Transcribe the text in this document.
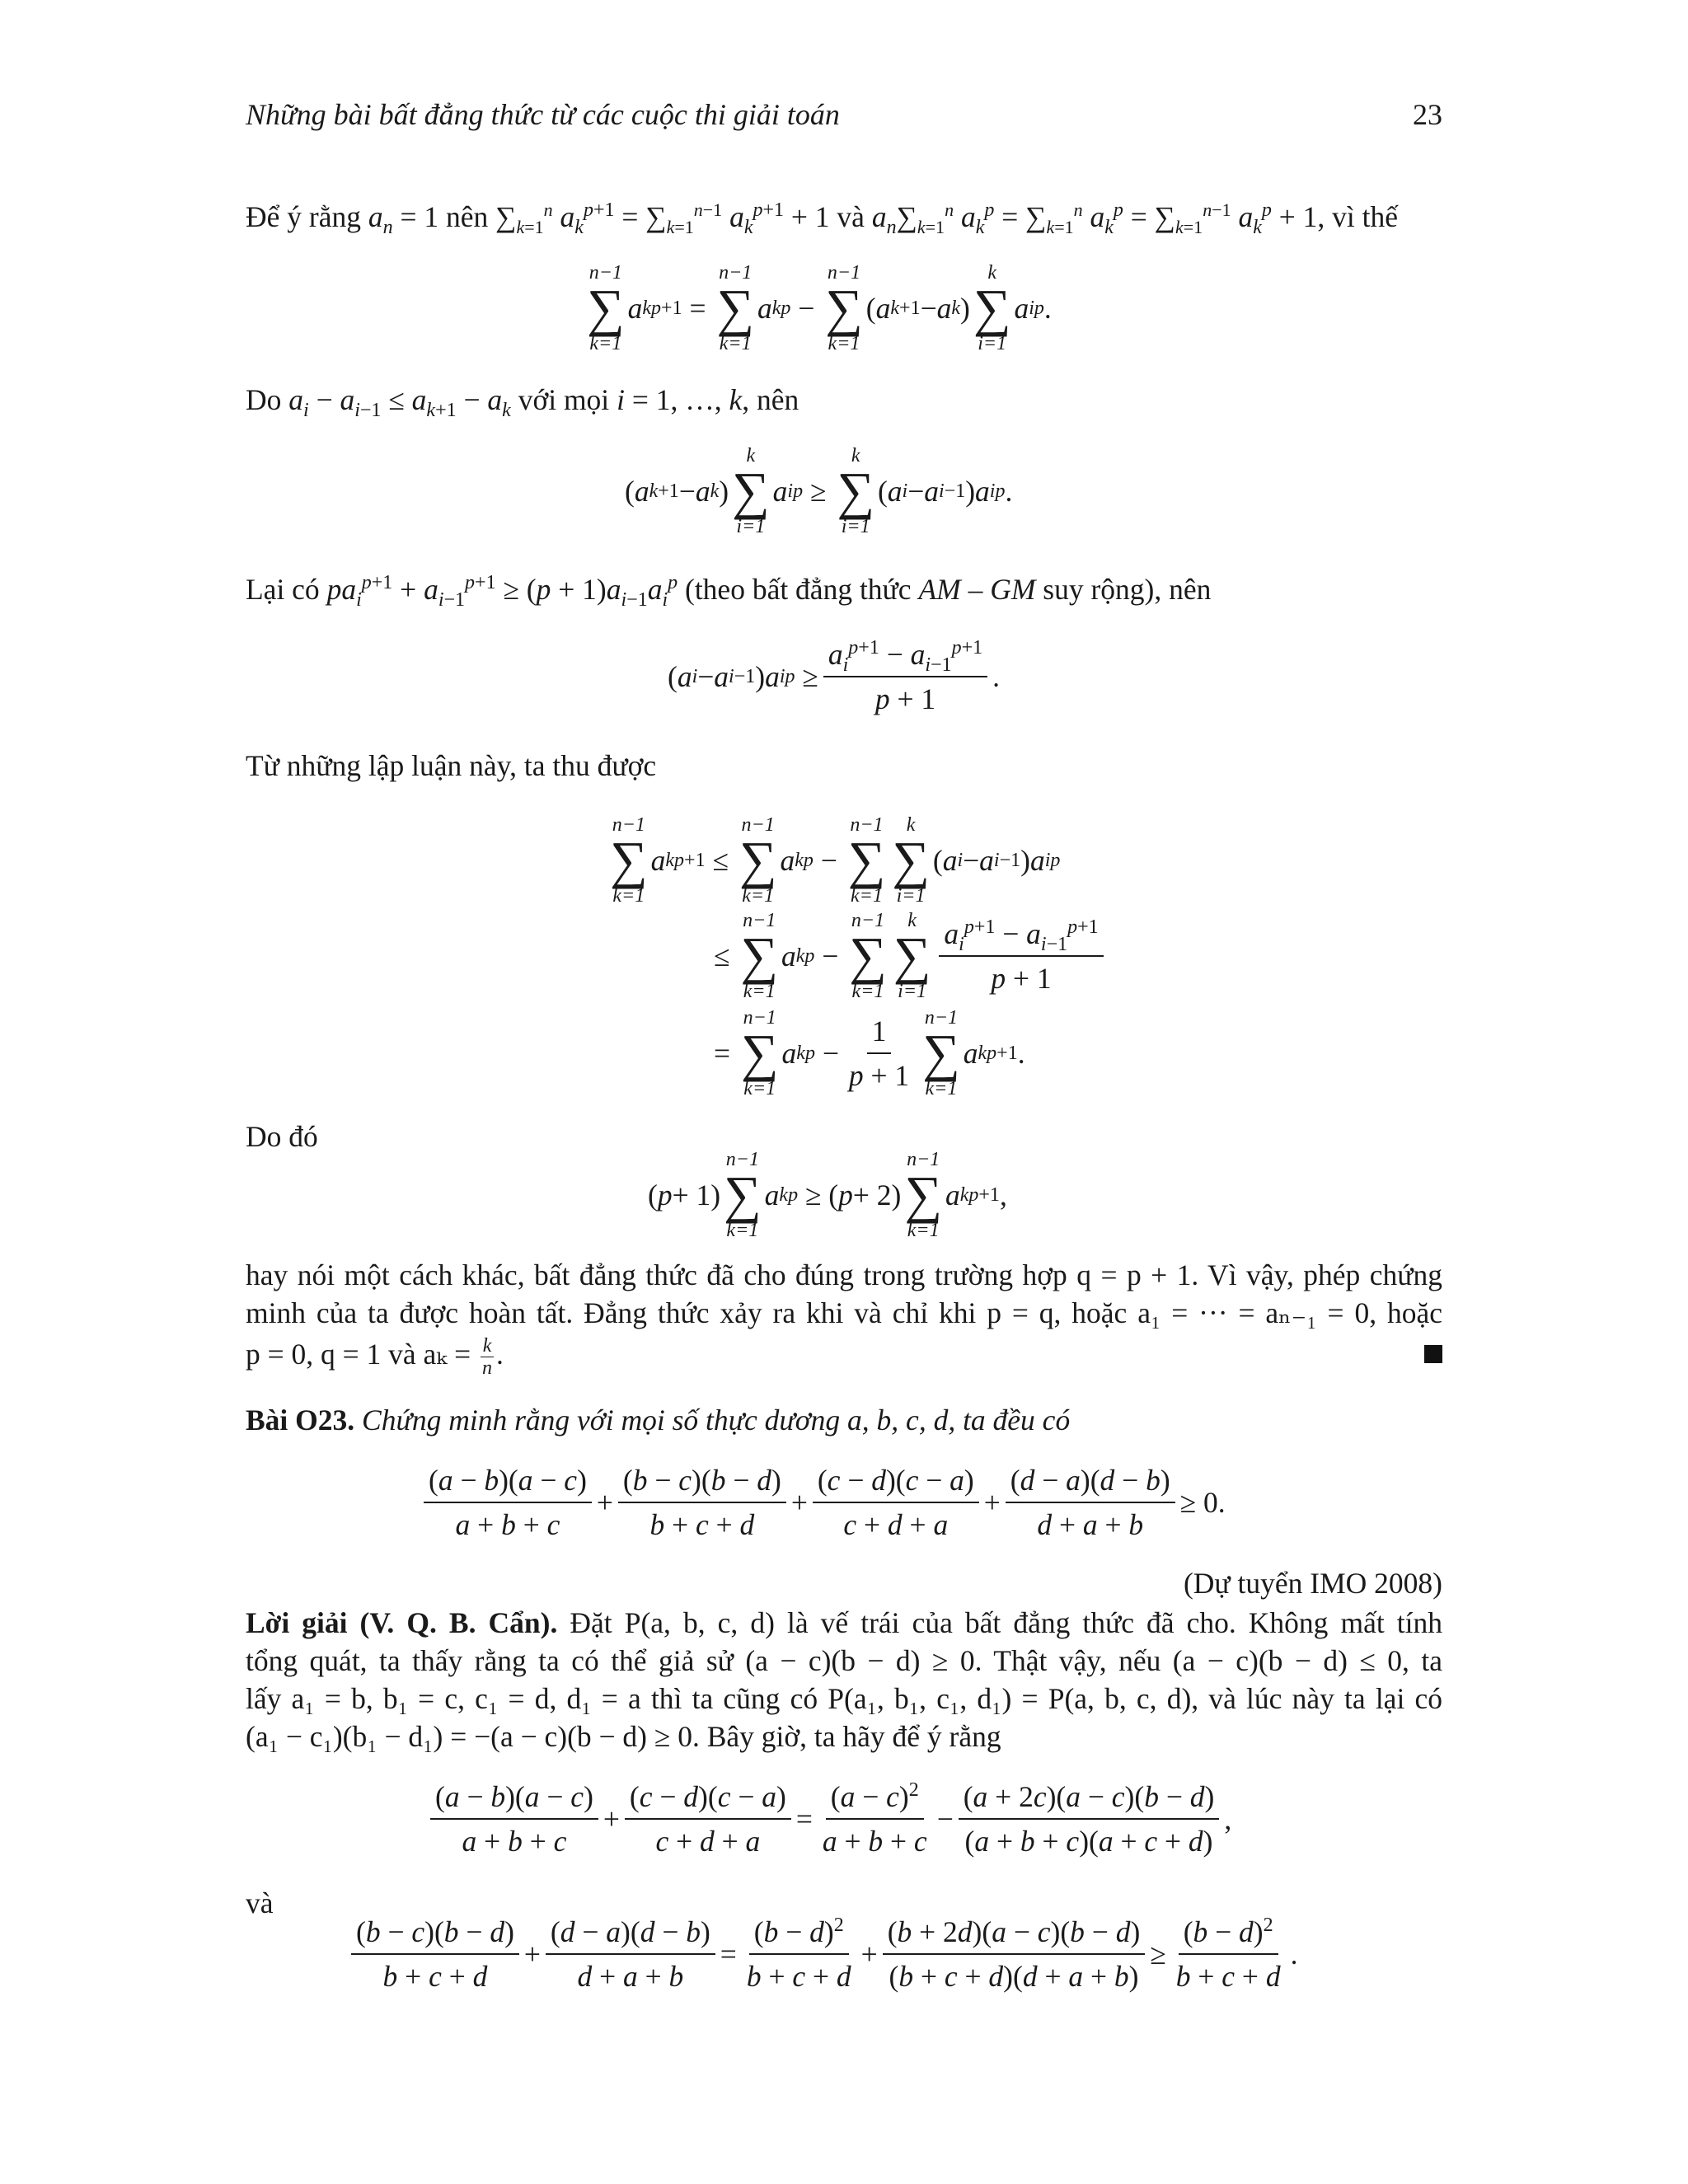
Những bài bất đẳng thức từ các cuộc thi giải toán	23
Để ý rằng $a_n = 1$ nên $\sum_{k=1}^n$ $a_k^{p+1} = \sum_{k=1}^{n-1}$ $a_k^{p+1} + 1$ và $a_n\sum_{k=1}^n$ $a_k^p = \sum_{k=1}^n$ $a_k^p = \sum_{k=1}^{n-1}$ $a_k^p + 1$, vì thế
n−1
∑
k=1
a k p+1 =
n−1
∑
k=1
a k p −
n−1
∑
k=1
( a k+1 − a k )
k
∑
i=1
a i p .
Do $a_i - a_{i-1} \le a_{k+1} - a_k$ với mọi i = 1, …, k, nên
( a k+1 − a k )
k
∑
i=1
a i p ≥
k
∑
i=1
( a i − a i−1 ) a i p .
Lại có $pa_i^{p+1} + a_{i-1}^{p+1} \ge (p + 1)a_{i-1}a_i^p$ (theo bất đẳng thức AM – GM suy rộng), nên
( a i − a i−1 ) a i $p \ge \frac{a_i^{p+1} - a_{i-1}^{p+1}}{p + 1}$ .
Từ những lập luận này, ta thu được
n−1
∑
k=1
a k p+1 ≤
n−1
∑
k=1
a k p −
n−1
∑
k=1
k
∑
i=1
( a i − a i−1 ) a i p
≤
n−1
∑
k=1
a k p −
n−1
∑
k=1
k
∑
$i=1 \frac{a_i^{p+1} - a_{i-1}^{p+1}}{p + 1}$
=
n−1
∑
k=1
a k $p - \frac{1}{p + 1} n-1$
∑
k=1
a k p+1 .
Do đó
( p + 1)
n−1
∑
k=1
a k p ≥ ( p + 2)
n−1
∑
k=1
a k p+1 ,
hay nói một cách khác, bất đẳng thức đã cho đúng trong trường hợp q = p + 1. Vì vậy, phép chứng
minh của ta được hoàn tất. Đẳng thức xảy ra khi và chỉ khi p = q, hoặc a₁ = ··· = aₙ₋₁ = 0, hoặc
p = 0, q = 1 và $a_k = \frac{k}{n}$ .
Bài O23. Chứng minh rằng với mọi số thực dương a, b, c, d, ta đều có
$\frac{(a - b)(a - c)}{a + b + c} + \frac{(b - c)(b - d)}{b + c + d} + \frac{(c - d)(c - a)}{c + d + a} + \frac{(d - a)(d - b)}{d + a + b} \ge 0$.
(Dự tuyển IMO 2008)
Lời giải (V. Q. B. Cẩn). Đặt P(a, b, c, d) là vế trái của bất đẳng thức đã cho. Không mất tính
tổng quát, ta thấy rằng ta có thể giả sử (a − c)(b − d) ≥ 0. Thật vậy, nếu (a − c)(b − d) ≤ 0, ta
lấy a₁ = b, b₁ = c, c₁ = d, d₁ = a thì ta cũng có P(a₁, b₁, c₁, d₁) = P(a, b, c, d), và lúc này ta lại có
(a₁ − c₁)(b₁ − d₁) = −(a − c)(b − d) ≥ 0. Bây giờ, ta hãy để ý rằng
$\frac{(a - b)(a - c)}{a + b + c} + \frac{(c - d)(c - a)}{c + d + a} = \frac{(a - c)^2}{a + b + c} - \frac{(a + 2c)(a - c)(b - d)}{(a + b + c)(a + c + d)}$ ,
và
$\frac{(b - c)(b - d)}{b + c + d} + \frac{(d - a)(d - b)}{d + a + b} = \frac{(b - d)^2}{b + c + d} + \frac{(b + 2d)(a - c)(b - d)}{(b + c + d)(d + a + b)} \ge \frac{(b - d)^2}{b + c + d}$ .
